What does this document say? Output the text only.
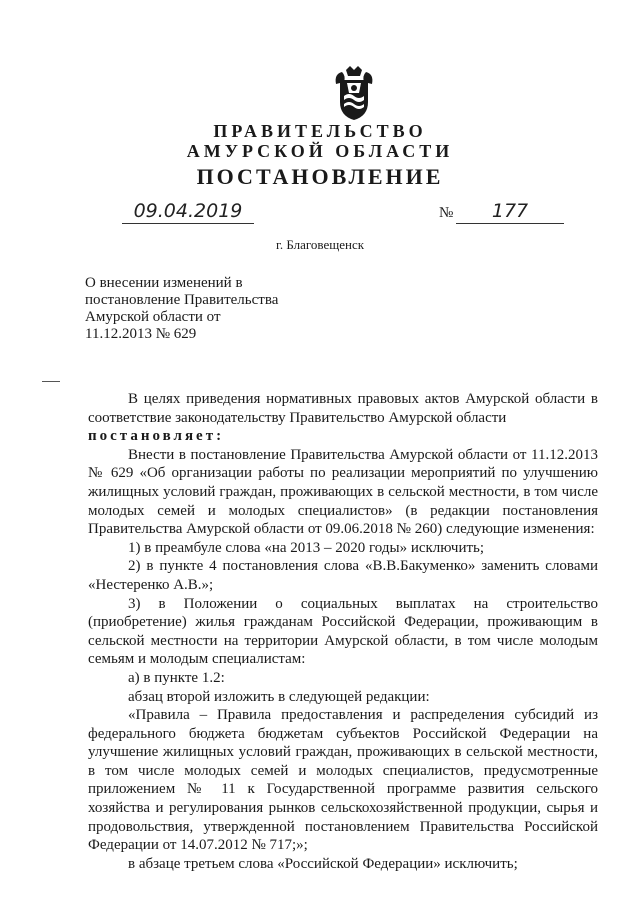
ПРАВИТЕЛЬСТВО
АМУРСКОЙ ОБЛАСТИ
ПОСТАНОВЛЕНИЕ
09.04.2019	№	177
г. Благовещенск
О внесении изменений в
постановление Правительства
Амурской области от
11.12.2013 № 629

В целях приведения нормативных правовых актов Амурской области в соответствие законодательству Правительство Амурской области

постановляет:

Внести в постановление Правительства Амурской области от 11.12.2013 № 629 «Об организации работы по реализации мероприятий по улучшению жилищных условий граждан, проживающих в сельской местности, в том числе молодых семей и молодых специалистов» (в редакции постановления Правительства Амурской области от 09.06.2018 № 260) следующие изменения:

1) в преамбуле слова «на 2013 – 2020 годы» исключить;

2) в пункте 4 постановления слова «В.В.Бакуменко» заменить словами «Нестеренко А.В.»;

3) в Положении о социальных выплатах на строительство (приобретение) жилья гражданам Российской Федерации, проживающим в сельской местности на территории Амурской области, в том числе молодым семьям и молодым специалистам:

а) в пункте 1.2:

абзац второй изложить в следующей редакции:

«Правила – Правила предоставления и распределения субсидий из федерального бюджета бюджетам субъектов Российской Федерации на улучшение жилищных условий граждан, проживающих в сельской местности, в том числе молодых семей и молодых специалистов, предусмотренные приложением № 11 к Государственной программе развития сельского хозяйства и регулирования рынков сельскохозяйственной продукции, сырья и продовольствия, утвержденной постановлением Правительства Российской Федерации от 14.07.2012 № 717;»;

в абзаце третьем слова «Российской Федерации» исключить;
